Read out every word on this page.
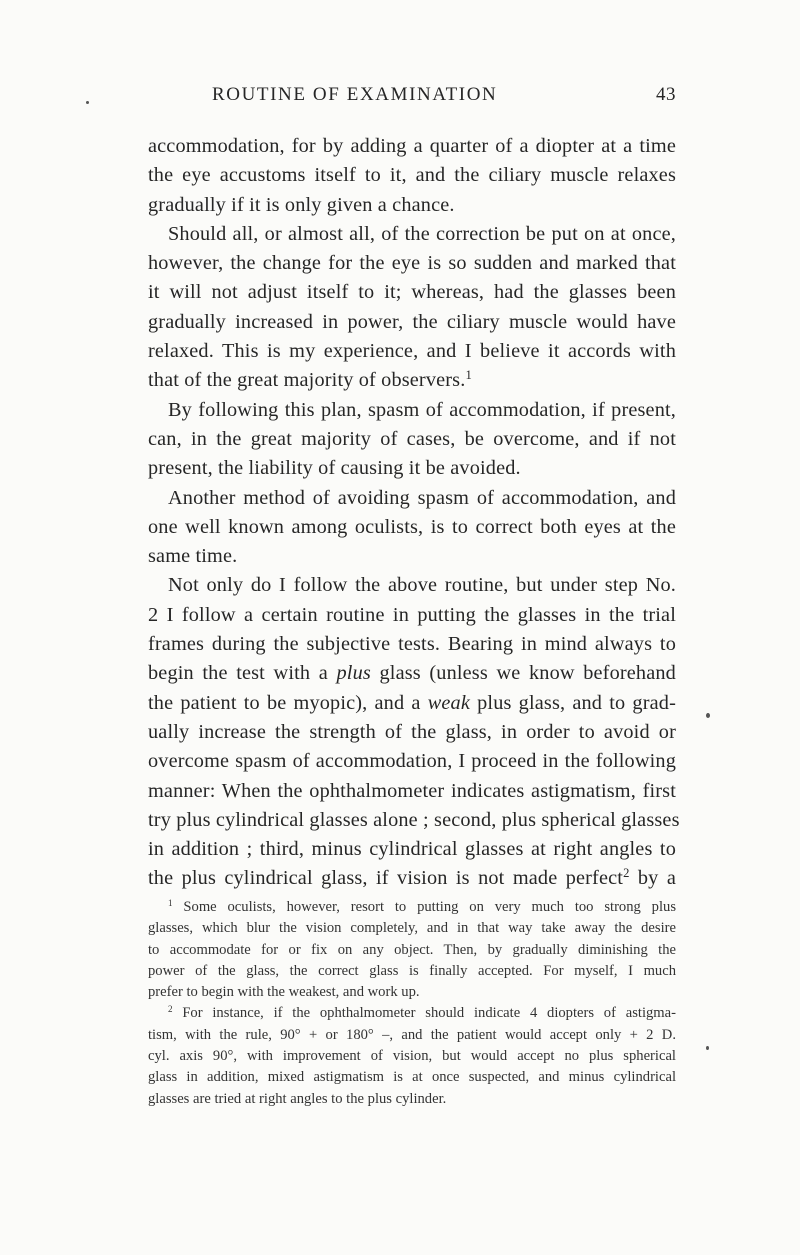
ROUTINE OF EXAMINATION	43
accommodation, for by adding a quarter of a diopter at a time
the eye accustoms itself to it, and the ciliary muscle relaxes
gradually if it is only given a chance.
Should all, or almost all, of the correction be put on at once,
however, the change for the eye is so sudden and marked that
it will not adjust itself to it; whereas, had the glasses been
gradually increased in power, the ciliary muscle would have
relaxed. This is my experience, and I believe it accords with
that of the great majority of observers.$^1$
By following this plan, spasm of accommodation, if present,
can, in the great majority of cases, be overcome, and if not
present, the liability of causing it be avoided.
Another method of avoiding spasm of accommodation, and
one well known among oculists, is to correct both eyes at the
same time.
Not only do I follow the above routine, but under step No.
2 I follow a certain routine in putting the glasses in the trial
frames during the subjective tests. Bearing in mind always to
begin the test with a plus glass (unless we know beforehand
the patient to be myopic), and a weak plus glass, and to grad-
ually increase the strength of the glass, in order to avoid or
overcome spasm of accommodation, I proceed in the following
manner: When the ophthalmometer indicates astigmatism, first
try plus cylindrical glasses alone ; second, plus spherical glasses
in addition ; third, minus cylindrical glasses at right angles to
the plus cylindrical glass, if vision is not made perfect$^2$ by a
$^1$ Some oculists, however, resort to putting on very much too strong plus
glasses, which blur the vision completely, and in that way take away the desire
to accommodate for or fix on any object. Then, by gradually diminishing the
power of the glass, the correct glass is finally accepted. For myself, I much
prefer to begin with the weakest, and work up.
$^2$ For instance, if the ophthalmometer should indicate 4 diopters of astigma-
tism, with the rule, 90° + or 180° –, and the patient would accept only + 2 D.
cyl. axis 90°, with improvement of vision, but would accept no plus spherical
glass in addition, mixed astigmatism is at once suspected, and minus cylindrical
glasses are tried at right angles to the plus cylinder.
